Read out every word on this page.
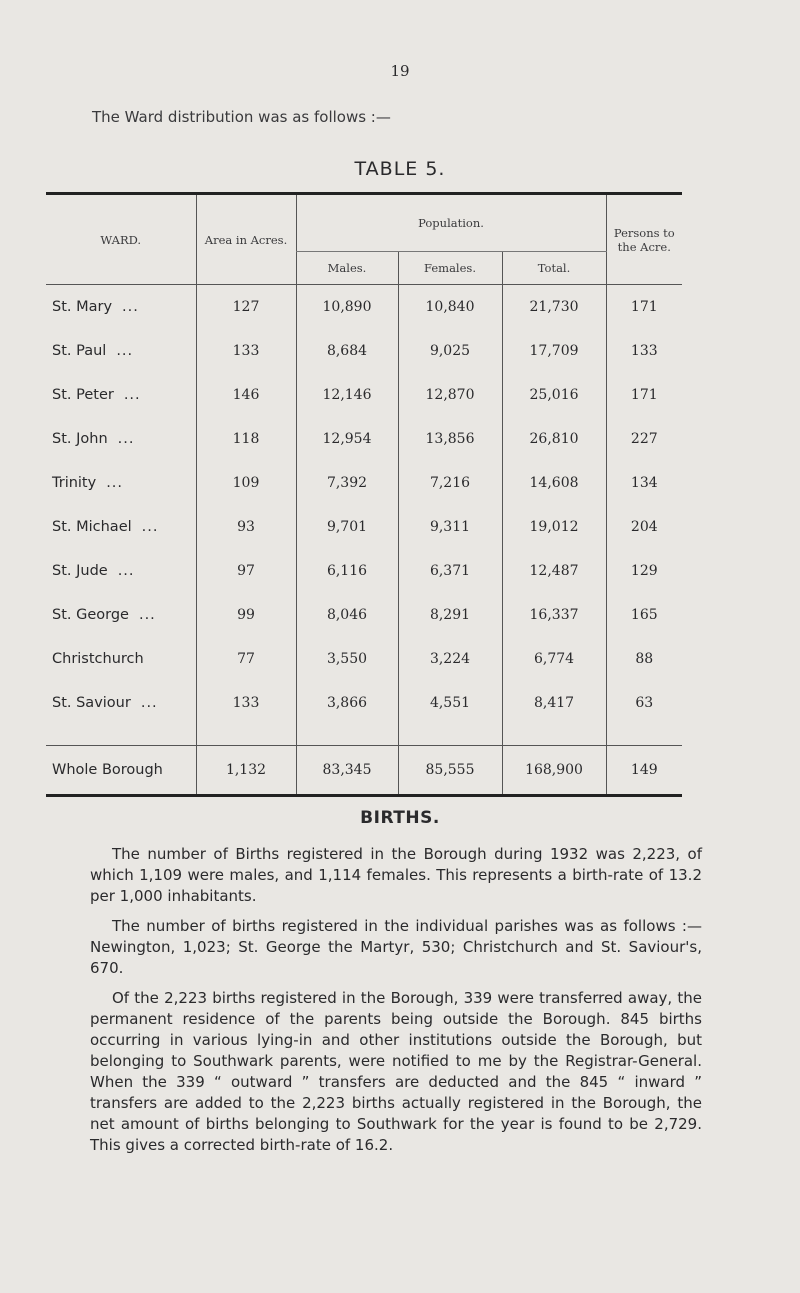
19
The Ward distribution was as follows :—
TABLE 5.
WARD.	Area in Acres.	Population.			Persons to the Acre.
		Males.	Females.	Total.	
St. Mary ...	127	10,890	10,840	21,730	171
St. Paul ...	133	8,684	9,025	17,709	133
St. Peter ...	146	12,146	12,870	25,016	171
St. John ...	118	12,954	13,856	26,810	227
Trinity ...	109	7,392	7,216	14,608	134
St. Michael ...	93	9,701	9,311	19,012	204
St. Jude ...	97	6,116	6,371	12,487	129
St. George ...	99	8,046	8,291	16,337	165
Christchurch	77	3,550	3,224	6,774	88
St. Saviour ...	133	3,866	4,551	8,417	63

Whole Borough	1,132	83,345	85,555	168,900	149
BIRTHS.
The number of Births registered in the Borough during 1932 was 2,223, of which 1,109 were males, and 1,114 females. This represents a birth-rate of 13.2 per 1,000 inhabitants.
The number of births registered in the individual parishes was as follows :—Newington, 1,023; St. George the Martyr, 530; Christchurch and St. Saviour's, 670.
Of the 2,223 births registered in the Borough, 339 were transferred away, the permanent residence of the parents being outside the Borough. 845 births occurring in various lying-in and other institutions outside the Borough, but belonging to Southwark parents, were notified to me by the Registrar-General. When the 339 “ outward ” transfers are deducted and the 845 “ inward ” transfers are added to the 2,223 births actually registered in the Borough, the net amount of births belonging to Southwark for the year is found to be 2,729. This gives a corrected birth-rate of 16.2.
